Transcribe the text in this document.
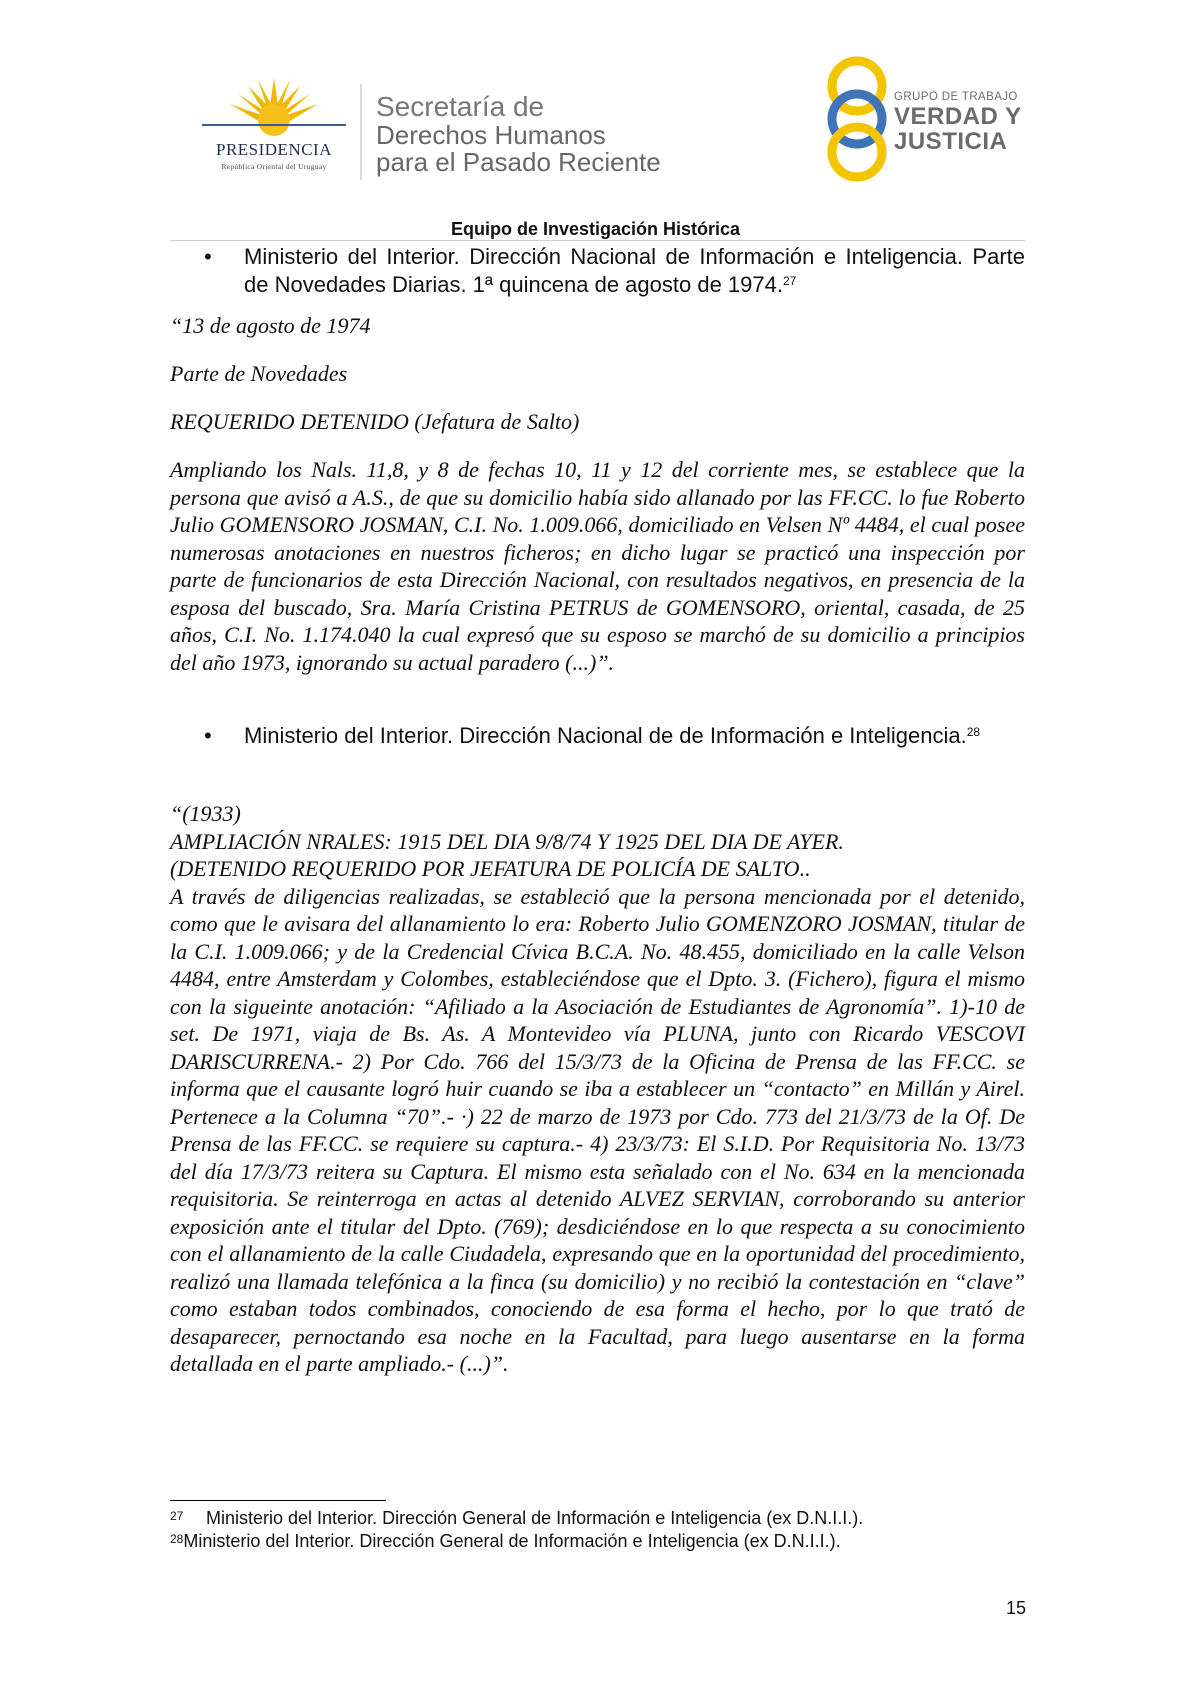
PRESIDENCIA
República Oriental del Uruguay
Secretaría de
Derechos Humanos
para el Pasado Reciente
GRUPO DE TRABAJO
VERDAD Y
JUSTICIA
Equipo de Investigación Histórica
• Ministerio del Interior. Dirección Nacional de Información e Inteligencia. Parte de Novedades Diarias. 1ª quincena de agosto de 1974.27
“13 de agosto de 1974
Parte de Novedades
REQUERIDO DETENIDO (Jefatura de Salto)
Ampliando los Nals. 11,8, y 8 de fechas 10, 11 y 12 del corriente mes, se establece que la persona que avisó a A.S., de que su domicilio había sido allanado por las FF.CC. lo fue Roberto Julio GOMENSORO JOSMAN, C.I. No. 1.009.066, domiciliado en Velsen Nº 4484, el cual posee numerosas anotaciones en nuestros ficheros; en dicho lugar se practicó una inspección por parte de funcionarios de esta Dirección Nacional, con resultados negativos, en presencia de la esposa del buscado, Sra. María Cristina PETRUS de GOMENSORO, oriental, casada, de 25 años, C.I. No. 1.174.040 la cual expresó que su esposo se marchó de su domicilio a principios del año 1973, ignorando su actual paradero (...)”.
• Ministerio del Interior. Dirección Nacional de de Información e Inteligencia.$^{28}$
“(1933)
AMPLIACIÓN NRALES: 1915 DEL DIA 9/8/74 Y 1925 DEL DIA DE AYER.
(DETENIDO REQUERIDO POR JEFATURA DE POLICÍA DE SALTO..
A través de diligencias realizadas, se estableció que la persona mencionada por el detenido, como que le avisara del allanamiento lo era: Roberto Julio GOMENZORO JOSMAN, titular de la C.I. 1.009.066; y de la Credencial Cívica B.C.A. No. 48.455, domiciliado en la calle Velson 4484, entre Amsterdam y Colombes, estableciéndose que el Dpto. 3. (Fichero), figura el mismo con la sigueinte anotación: “Afiliado a la Asociación de Estudiantes de Agronomía”. 1)-10 de set. De 1971, viaja de Bs. As. A Montevideo vía PLUNA, junto con Ricardo VESCOVI DARISCURRENA.- 2) Por Cdo. 766 del 15/3/73 de la Oficina de Prensa de las FF.CC. se informa que el causante logró huir cuando se iba a establecer un “contacto” en Millán y Airel. Pertenece a la Columna “70”.- ·) 22 de marzo de 1973 por Cdo. 773 del 21/3/73 de la Of. De Prensa de las FF.CC. se requiere su captura.- 4) 23/3/73: El S.I.D. Por Requisitoria No. 13/73 del día 17/3/73 reitera su Captura. El mismo esta señalado con el No. 634 en la mencionada requisitoria. Se reinterroga en actas al detenido ALVEZ SERVIAN, corroborando su anterior exposición ante el titular del Dpto. (769); desdiciéndose en lo que respecta a su conocimiento con el allanamiento de la calle Ciudadela, expresando que en la oportunidad del procedimiento, realizó una llamada telefónica a la finca (su domicilio) y no recibió la contestación en “clave” como estaban todos combinados, conociendo de esa forma el hecho, por lo que trató de desaparecer, pernoctando esa noche en la Facultad, para luego ausentarse en la forma detallada en el parte ampliado.- (...)”.
27 Ministerio del Interior. Dirección General de Información e Inteligencia (ex D.N.I.I.).
$^{28}$Ministerio del Interior. Dirección General de Información e Inteligencia (ex D.N.I.I.).
15
